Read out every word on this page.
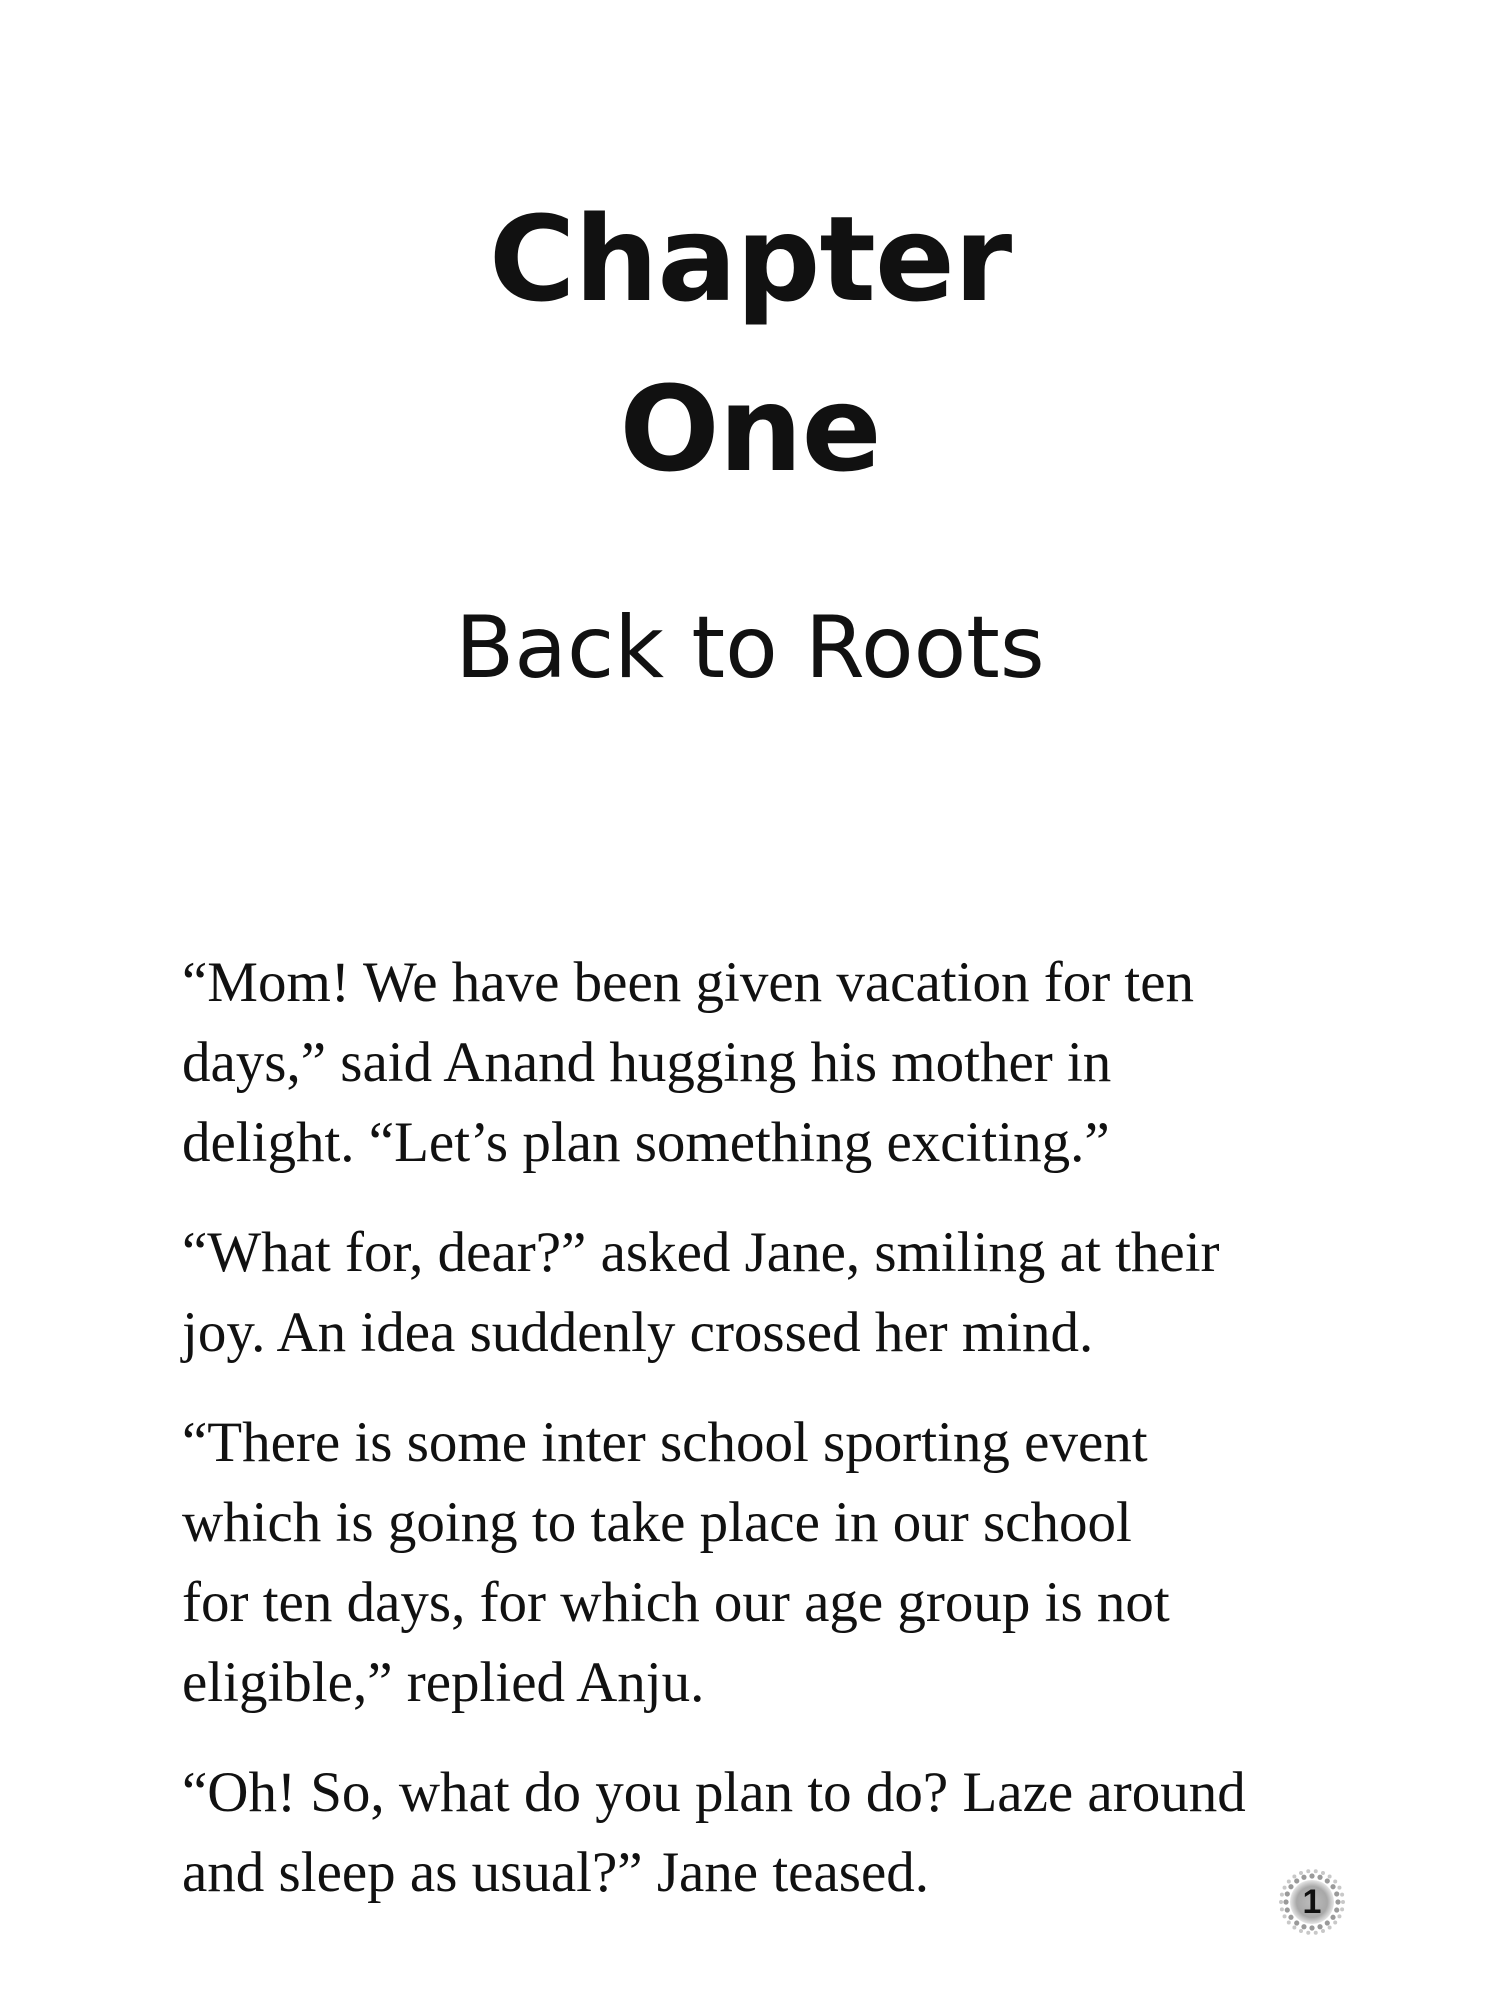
Chapter
One
Back to Roots

“Mom! We have been given vacation for ten
days,” said Anand hugging his mother in
delight. “Let’s plan something exciting.”

“What for, dear?” asked Jane, smiling at their
joy. An idea suddenly crossed her mind.

“There is some inter school sporting event
which is going to take place in our school
for ten days, for which our age group is not
eligible,” replied Anju.

“Oh! So, what do you plan to do? Laze around
and sleep as usual?” Jane teased.	1
